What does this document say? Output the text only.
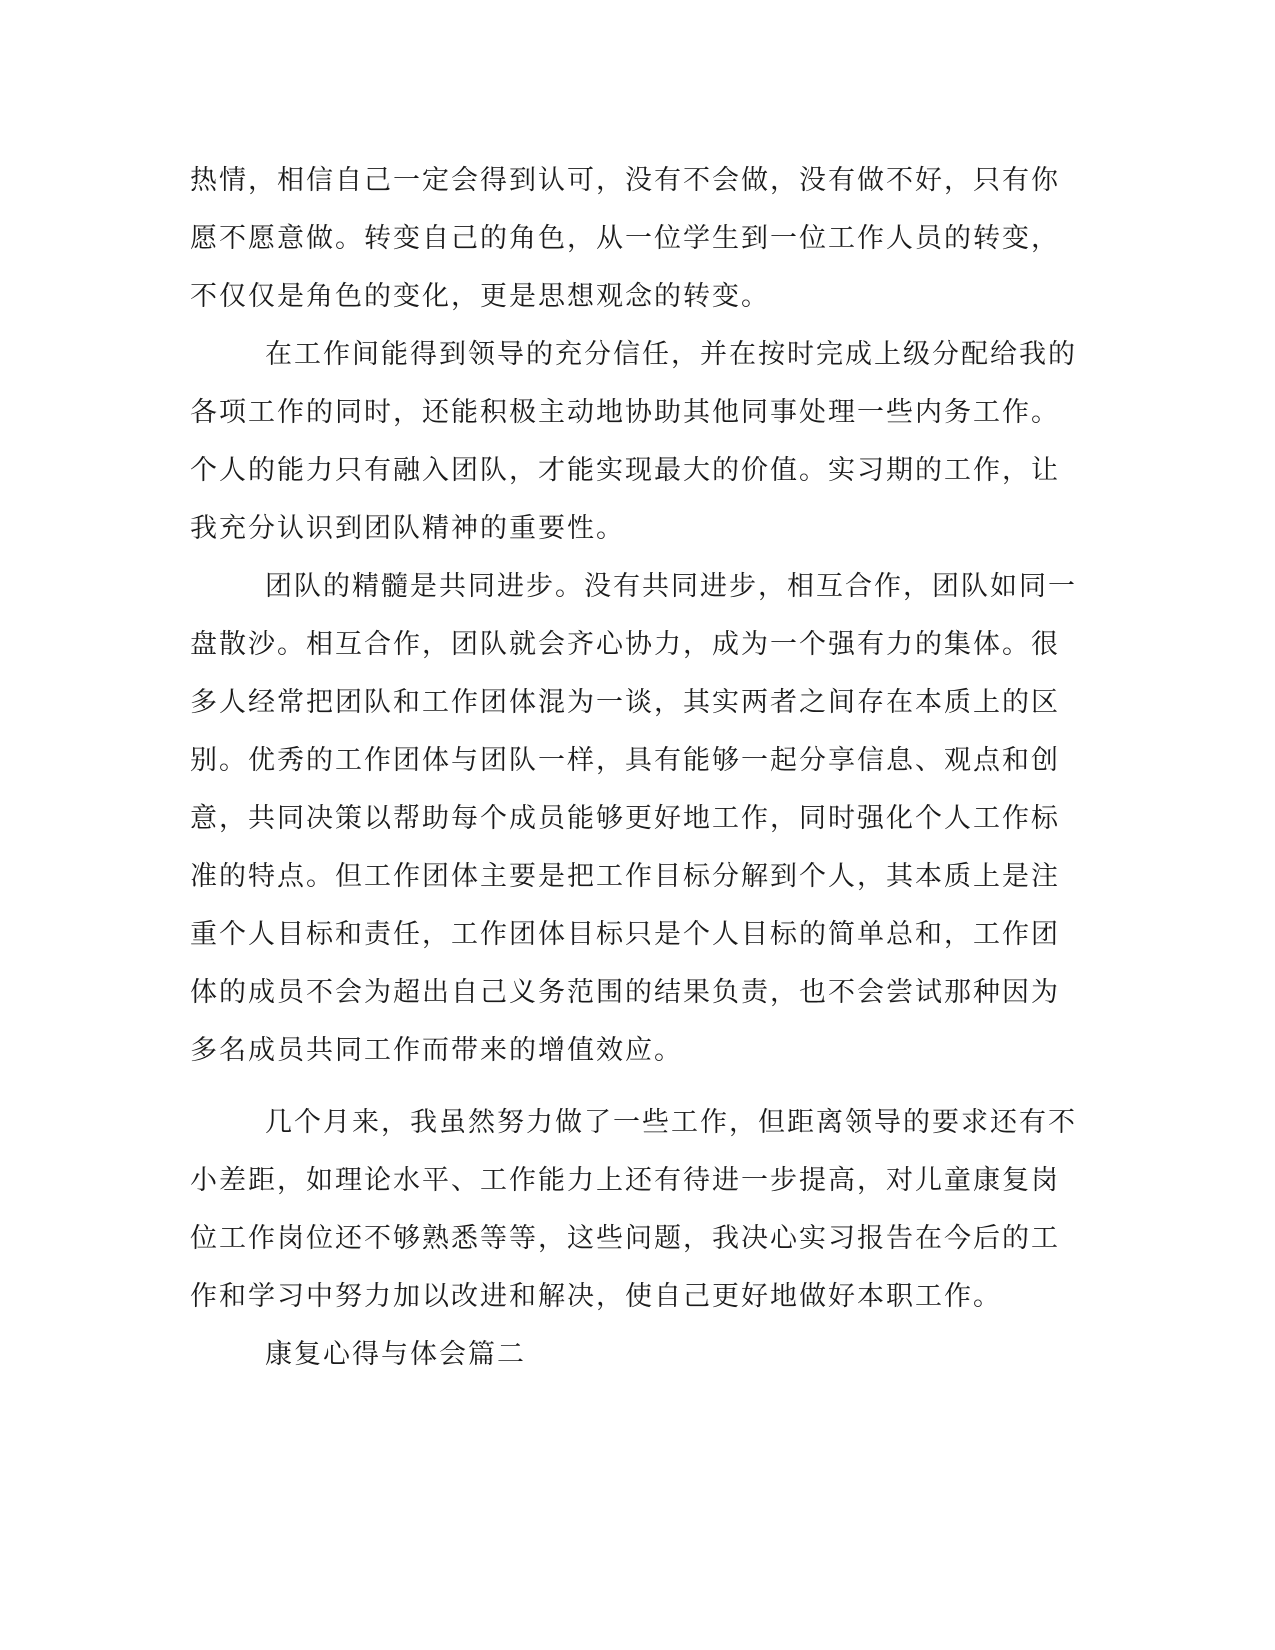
热情，相信自己一定会得到认可，没有不会做，没有做不好，只有你

愿不愿意做。转变自己的角色，从一位学生到一位工作人员的转变，

不仅仅是角色的变化，更是思想观念的转变。

在工作间能得到领导的充分信任，并在按时完成上级分配给我的

各项工作的同时，还能积极主动地协助其他同事处理一些内务工作。

个人的能力只有融入团队，才能实现最大的价值。实习期的工作，让

我充分认识到团队精神的重要性。

团队的精髓是共同进步。没有共同进步，相互合作，团队如同一

盘散沙。相互合作，团队就会齐心协力，成为一个强有力的集体。很

多人经常把团队和工作团体混为一谈，其实两者之间存在本质上的区

别。优秀的工作团体与团队一样，具有能够一起分享信息、观点和创

意，共同决策以帮助每个成员能够更好地工作，同时强化个人工作标

准的特点。但工作团体主要是把工作目标分解到个人，其本质上是注

重个人目标和责任，工作团体目标只是个人目标的简单总和，工作团

体的成员不会为超出自己义务范围的结果负责，也不会尝试那种因为

多名成员共同工作而带来的增值效应。

几个月来，我虽然努力做了一些工作，但距离领导的要求还有不

小差距，如理论水平、工作能力上还有待进一步提高，对儿童康复岗

位工作岗位还不够熟悉等等，这些问题，我决心实习报告在今后的工

作和学习中努力加以改进和解决，使自己更好地做好本职工作。

康复心得与体会篇二
